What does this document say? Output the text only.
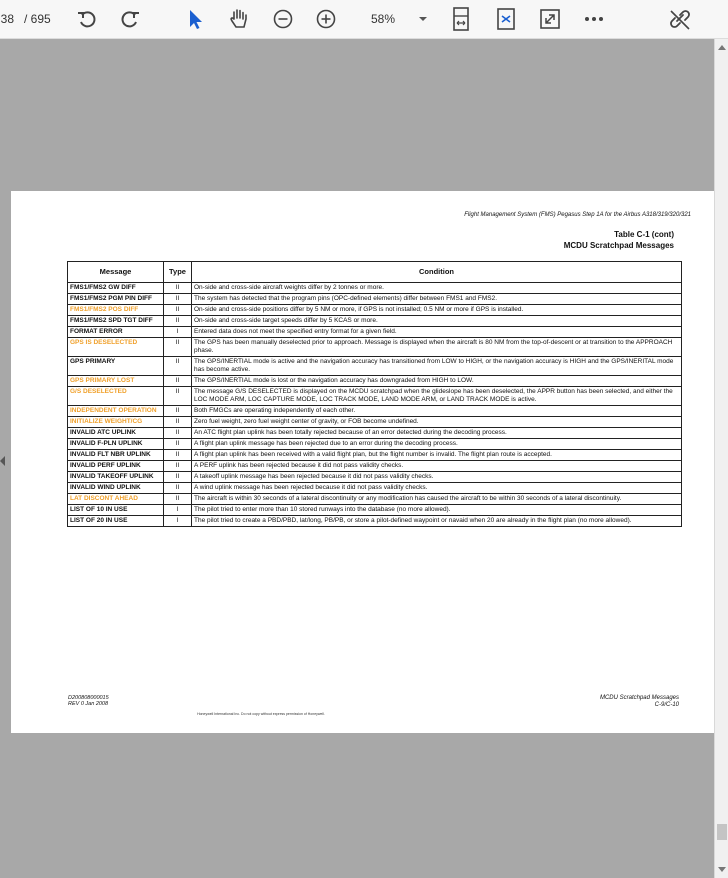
38 / 695	58%
Flight Management System (FMS) Pegasus Step 1A for the Airbus A318/319/320/321
Table C-1 (cont)
MCDU Scratchpad Messages
Message	Type	Condition
FMS1/FMS2 GW DIFF	II	On-side and cross-side aircraft weights differ by 2 tonnes or more.
FMS1/FMS2 PGM PIN DIFF	II	The system has detected that the program pins (OPC-defined elements) differ between FMS1 and FMS2.
FMS1/FMS2 POS DIFF	II	On-side and cross-side positions differ by 5 NM or more, if GPS is not installed; 0.5 NM or more if GPS is installed.
FMS1/FMS2 SPD TGT DIFF	II	On-side and cross-side target speeds differ by 5 KCAS or more.
FORMAT ERROR	I	Entered data does not meet the specified entry format for a given field.
GPS IS DESELECTED	II	The GPS has been manually deselected prior to approach. Message is displayed when the aircraft is 80 NM from the top-of-descent or at transition to the APPROACH phase.
GPS PRIMARY	II	The GPS/INERTIAL mode is active and the navigation accuracy has transitioned from LOW to HIGH, or the navigation accuracy is HIGH and the GPS/INERITAL mode has become active.
GPS PRIMARY LOST	II	The GPS/INERTIAL mode is lost or the navigation accuracy has downgraded from HIGH to LOW.
G/S DESELECTED	II	The message G/S DESELECTED is displayed on the MCDU scratchpad when the glideslope has been deselected, the APPR button has been selected, and either the LOC MODE ARM, LOC CAPTURE MODE, LOC TRACK MODE, LAND MODE ARM, or LAND TRACK MODE is active.
INDEPENDENT OPERATION	II	Both FMGCs are operating independently of each other.
INITIALIZE WEIGHT/CG	II	Zero fuel weight, zero fuel weight center of gravity, or FOB become undefined.
INVALID ATC UPLINK	II	An ATC flight plan uplink has been totally rejected because of an error detected during the decoding process.
INVALID F-PLN UPLINK	II	A flight plan uplink message has been rejected due to an error during the decoding process.
INVALID FLT NBR UPLINK	II	A flight plan uplink has been received with a valid flight plan, but the flight number is invalid. The flight plan route is accepted.
INVALID PERF UPLINK	II	A PERF uplink has been rejected because it did not pass validity checks.
INVALID TAKEOFF UPLINK	II	A takeoff uplink message has been rejected because it did not pass validity checks.
INVALID WIND UPLINK	II	A wind uplink message has been rejected because it did not pass validity checks.
LAT DISCONT AHEAD	II	The aircraft is within 30 seconds of a lateral discontinuity or any modification has caused the aircraft to be within 30 seconds of a lateral discontinuity.
LIST OF 10 IN USE	I	The pilot tried to enter more than 10 stored runways into the database (no more allowed).
LIST OF 20 IN USE	I	The pilot tried to create a PBD/PBD, lat/long, PB/PB, or store a pilot-defined waypoint or navaid when 20 are already in the flight plan (no more allowed).
D200808000015
REV 0 Jan 2008
MCDU Scratchpad Messages
C-9/C-10
Honeywell International Inc. Do not copy without express permission of Honeywell.
